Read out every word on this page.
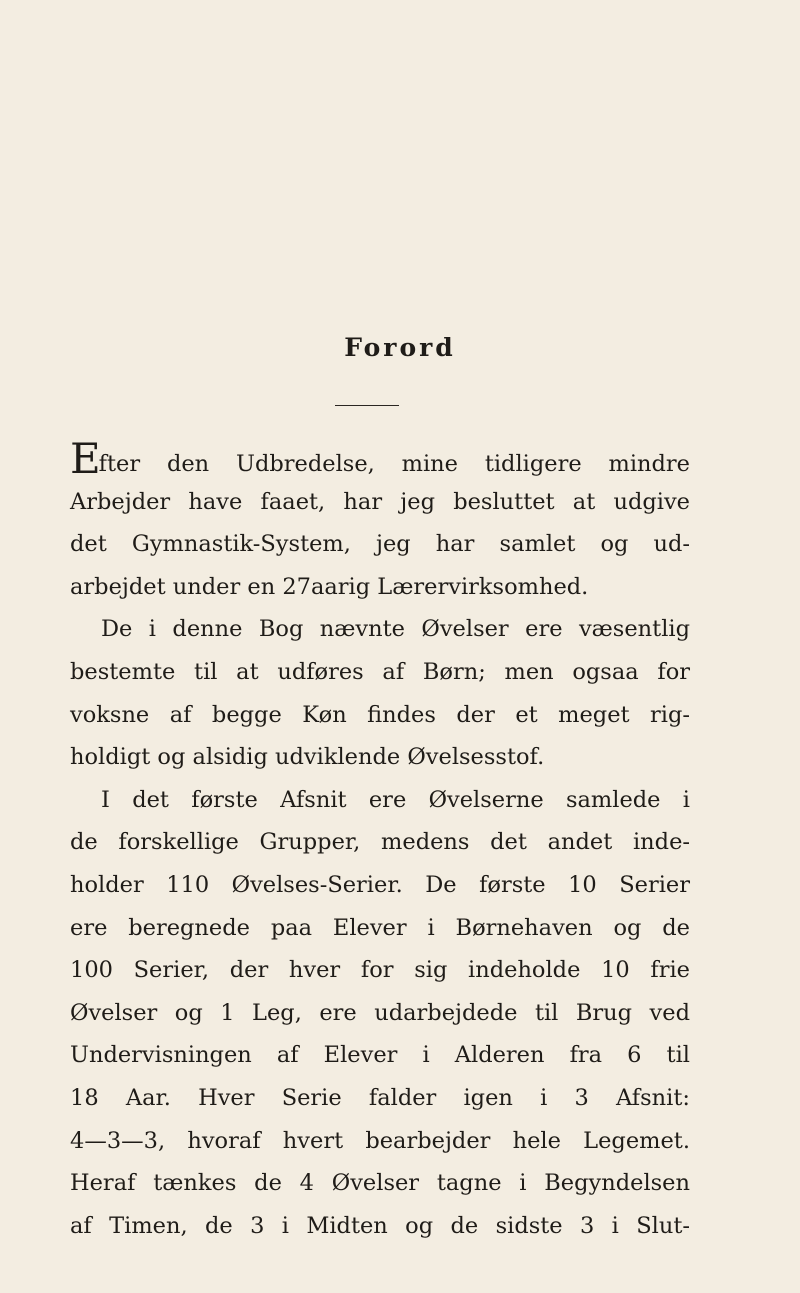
Forord
Efter den Udbredelse, mine tidligere mindre
Arbejder have faaet, har jeg besluttet at udgive
det Gymnastik-System, jeg har samlet og ud-
arbejdet under en 27aarig Lærervirksomhed.
De i denne Bog nævnte Øvelser ere væsentlig
bestemte til at udføres af Børn; men ogsaa for
voksne af begge Køn findes der et meget rig-
holdigt og alsidig udviklende Øvelsesstof.
I det første Afsnit ere Øvelserne samlede i
de forskellige Grupper, medens det andet inde-
holder 110 Øvelses-Serier. De første 10 Serier
ere beregnede paa Elever i Børnehaven og de
100 Serier, der hver for sig indeholde 10 frie
Øvelser og 1 Leg, ere udarbejdede til Brug ved
Undervisningen af Elever i Alderen fra 6 til
18 Aar. Hver Serie falder igen i 3 Afsnit:
4—3—3, hvoraf hvert bearbejder hele Legemet.
Heraf tænkes de 4 Øvelser tagne i Begyndelsen
af Timen, de 3 i Midten og de sidste 3 i Slut-
